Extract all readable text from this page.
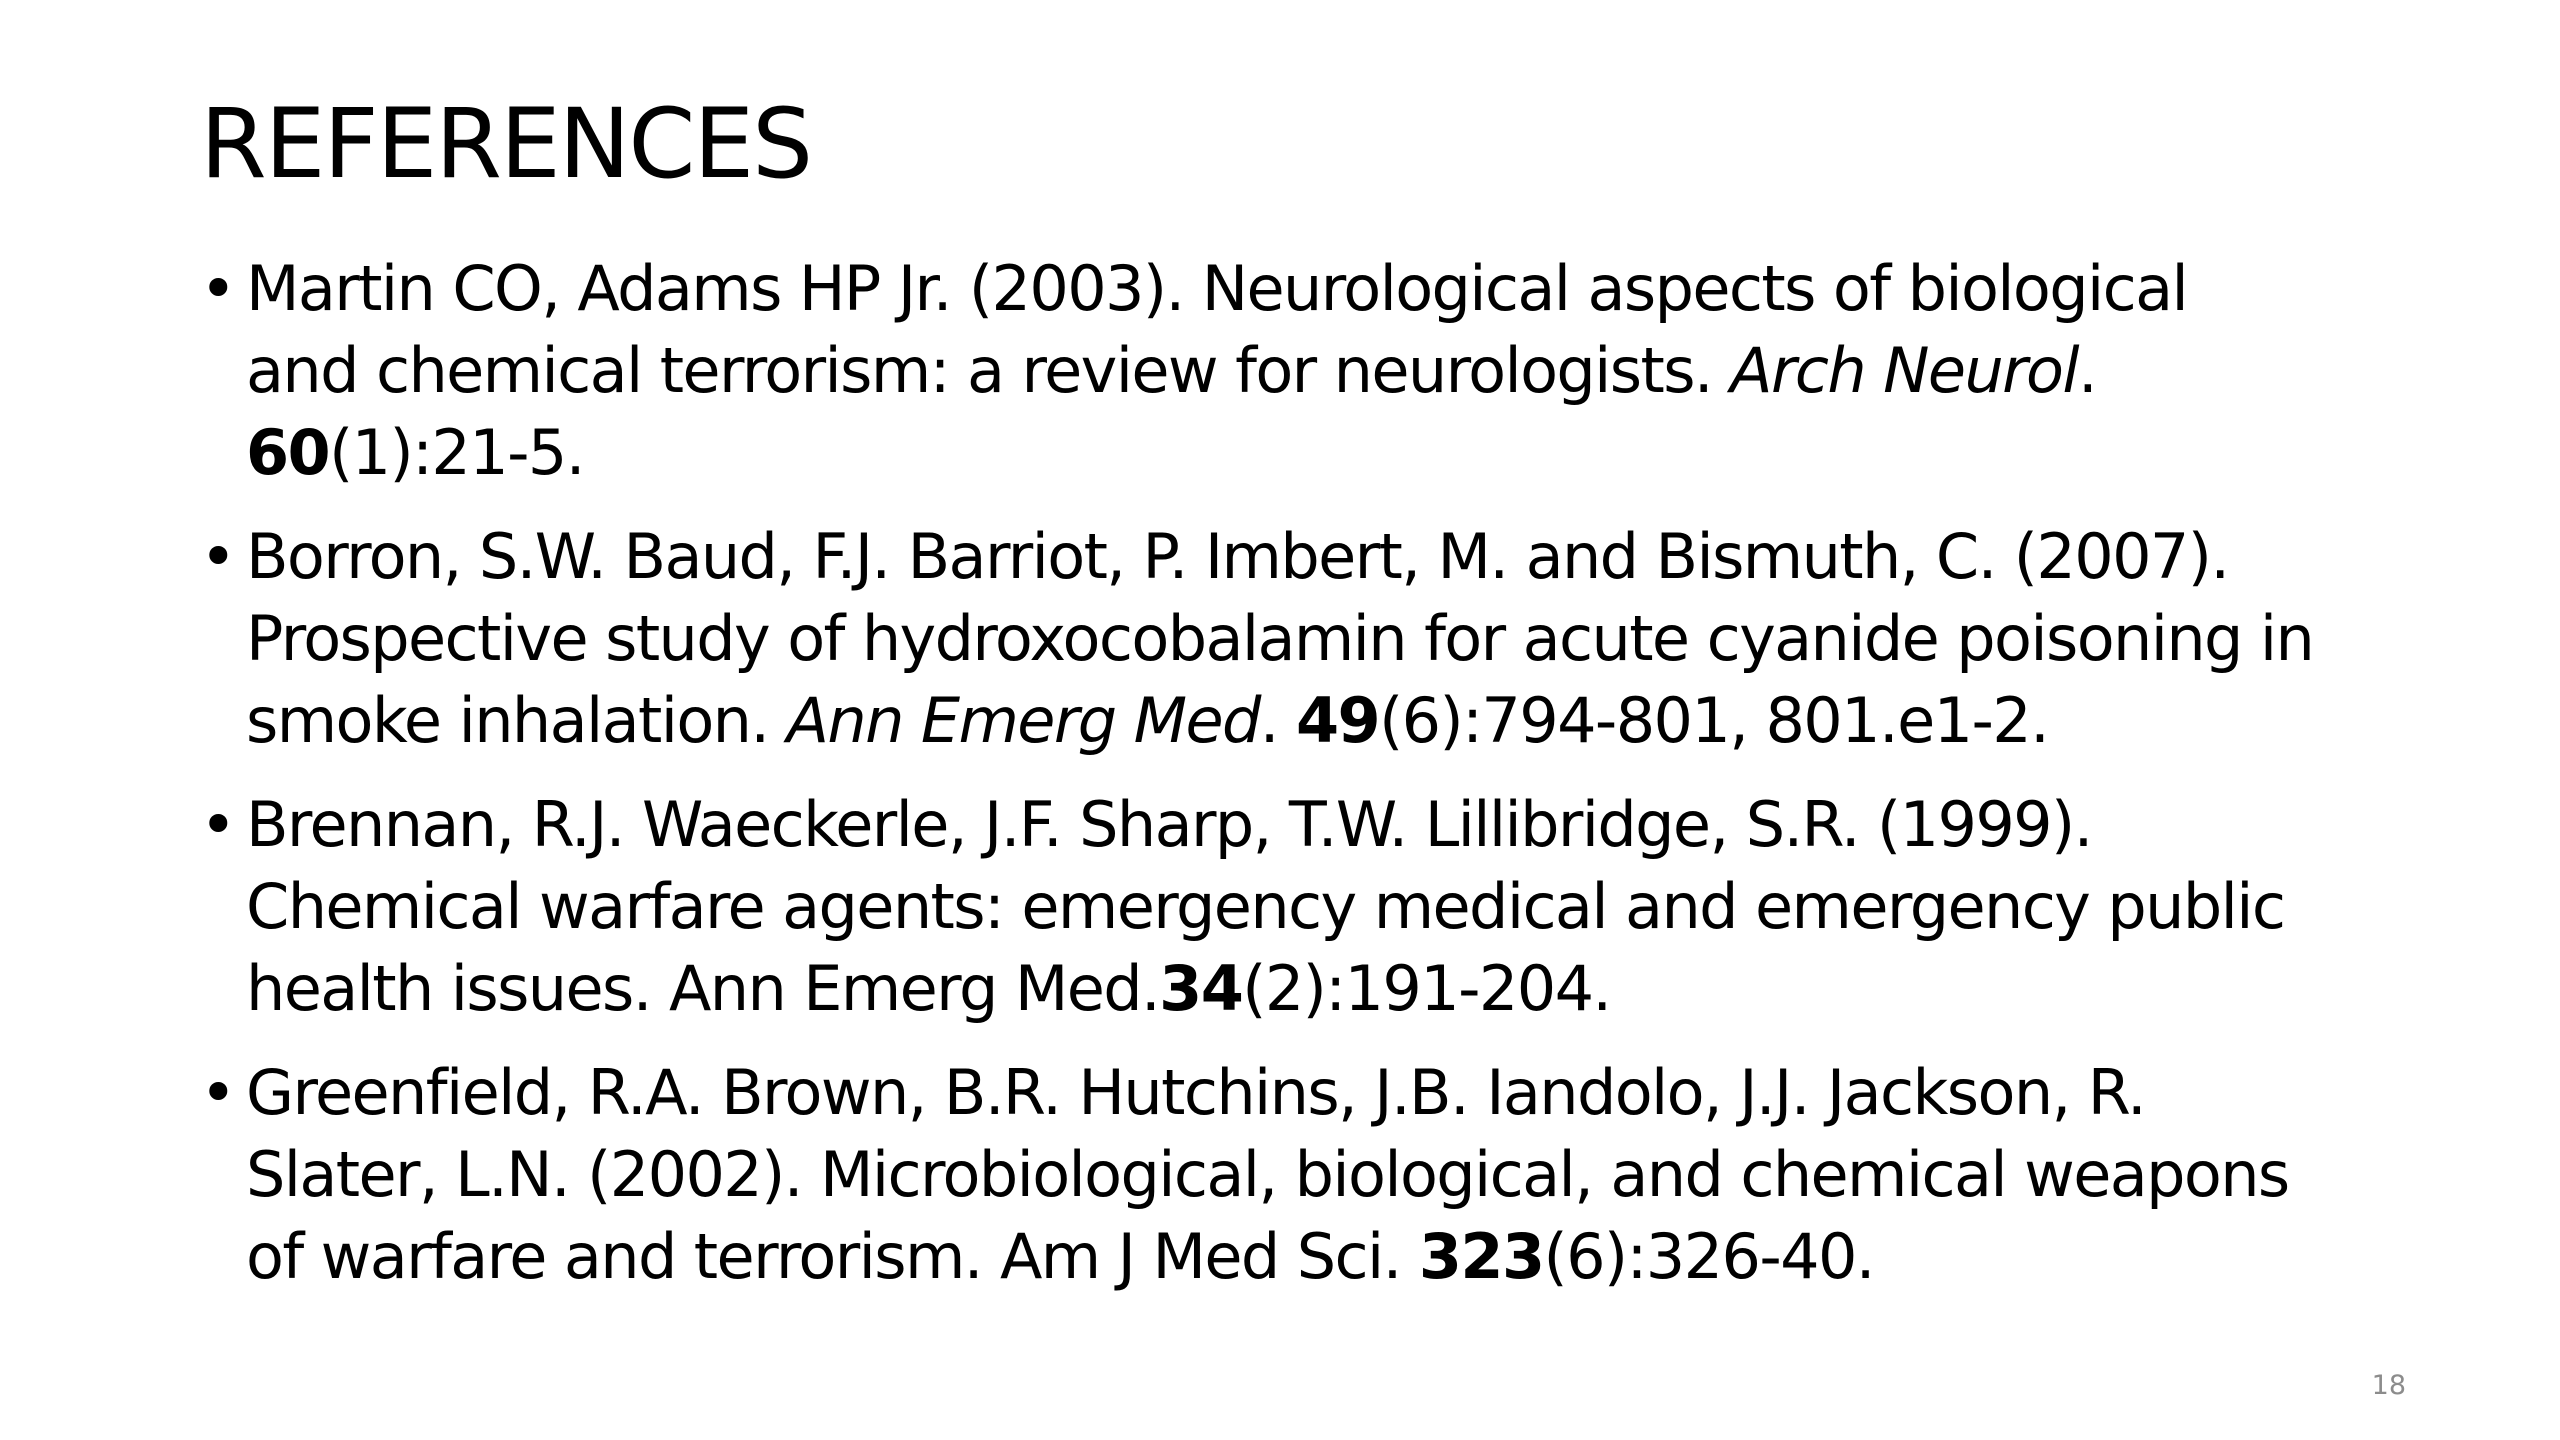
REFERENCES
• Martin CO, Adams HP Jr. (2003). Neurological aspects of biological
and chemical terrorism: a review for neurologists. Arch Neurol.
60(1):21-5.
• Borron, S.W. Baud, F.J. Barriot, P. Imbert, M. and Bismuth, C. (2007).
Prospective study of hydroxocobalamin for acute cyanide poisoning in
smoke inhalation. Ann Emerg Med. 49(6):794-801, 801.e1-2.
• Brennan, R.J. Waeckerle, J.F. Sharp, T.W. Lillibridge, S.R. (1999).
Chemical warfare agents: emergency medical and emergency public
health issues. Ann Emerg Med.34(2):191-204.
• Greenfield, R.A. Brown, B.R. Hutchins, J.B. Iandolo, J.J. Jackson, R.
Slater, L.N. (2002). Microbiological, biological, and chemical weapons
of warfare and terrorism. Am J Med Sci. 323(6):326-40.
18
